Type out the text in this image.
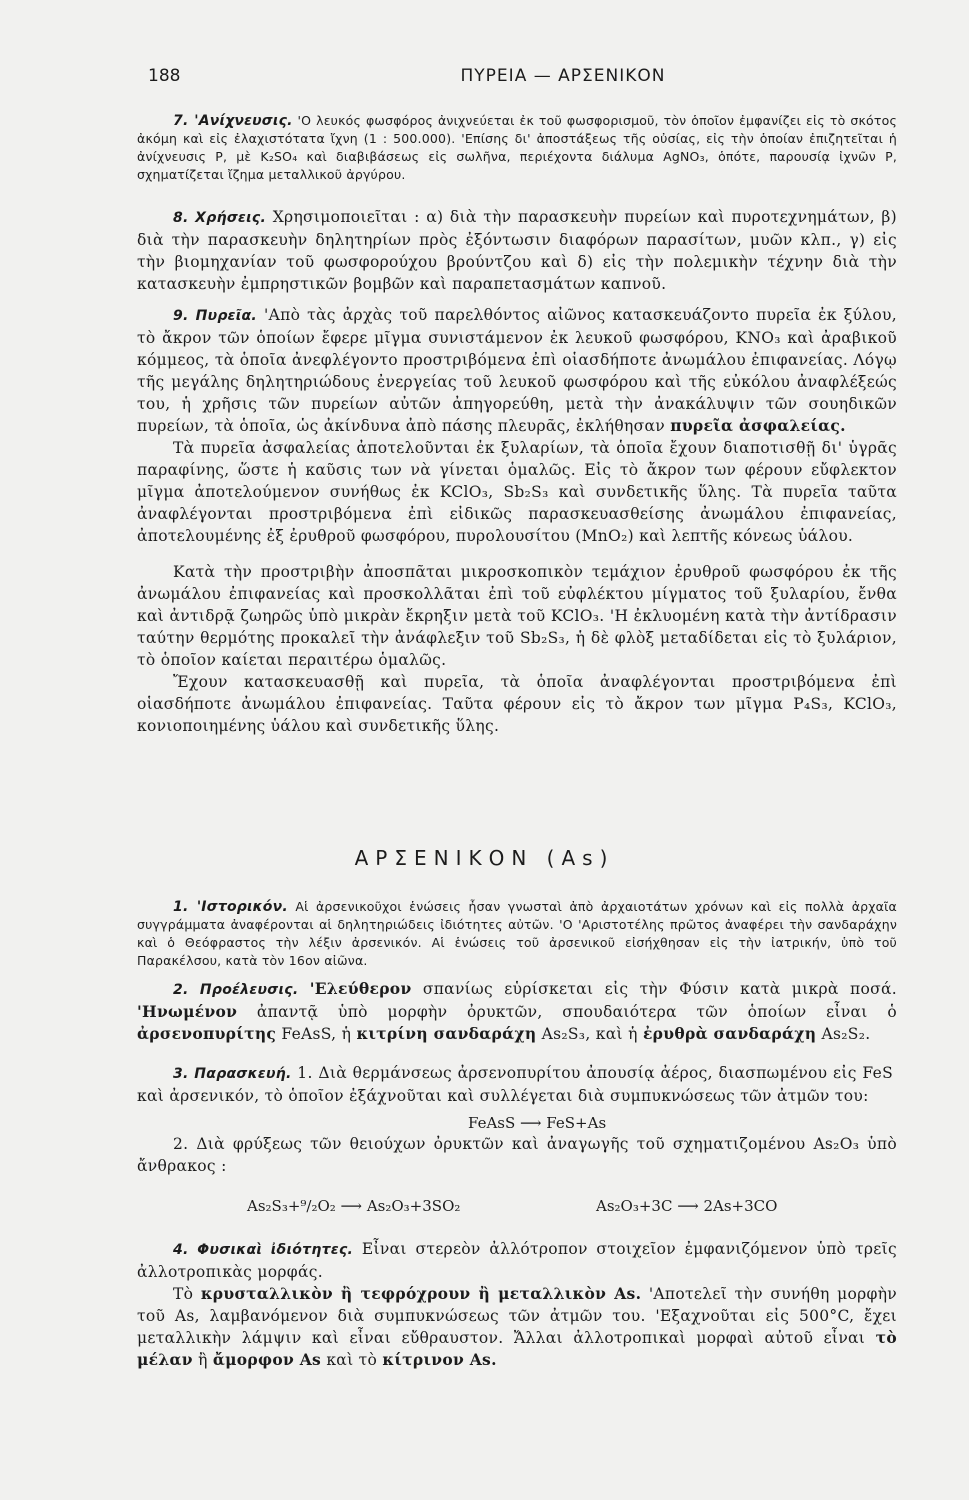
188	ΠΥΡΕΙΑ — ΑΡΣΕΝΙΚΟΝ

7. 'Ανίχνευσις. 'Ο λευκός φωσφόρος ἀνιχνεύεται ἐκ τοῦ φωσφορισμοῦ, τὸν ὁποῖον ἐμφανίζει εἰς τὸ σκότος ἀκόμη καὶ εἰς ἐλαχιστότατα ἴχνη (1 : 500.000). 'Επίσης δι' ἀποστάξεως τῆς οὐσίας, εἰς τὴν ὁποίαν ἐπιζητεῖται ἡ ἀνίχνευσις P, μὲ K₂SO₄ καὶ διαβιβάσεως εἰς σωλῆνα, περιέχοντα διάλυμα AgNO₃, ὁπότε, παρουσίᾳ ἰχνῶν P, σχηματίζεται ἴζημα μεταλλικοῦ ἀργύρου.

8. Χρήσεις. Χρησιμοποιεῖται : α) διὰ τὴν παρασκευὴν πυρείων καὶ πυροτεχνημάτων, β) διὰ τὴν παρασκευὴν δηλητηρίων πρὸς ἐξόντωσιν διαφόρων παρασίτων, μυῶν κλπ., γ) εἰς τὴν βιομηχανίαν τοῦ φωσφορούχου βρούντζου καὶ δ) εἰς τὴν πολεμικὴν τέχνην διὰ τὴν κατασκευὴν ἐμπρηστικῶν βομβῶν καὶ παραπετασμάτων καπνοῦ.

9. Πυρεῖα. 'Απὸ τὰς ἀρχὰς τοῦ παρελθόντος αἰῶνος κατασκευάζοντο πυρεῖα ἐκ ξύλου, τὸ ἄκρον τῶν ὁποίων ἔφερε μῖγμα συνιστάμενον ἐκ λευκοῦ φωσφόρου, KNO₃ καὶ ἀραβικοῦ κόμμεος, τὰ ὁποῖα ἀνεφλέγοντο προστριβόμενα ἐπὶ οἱασδήποτε ἀνωμάλου ἐπιφανείας. Λόγῳ τῆς μεγάλης δηλητηριώδους ἐνεργείας τοῦ λευκοῦ φωσφόρου καὶ τῆς εὐκόλου ἀναφλέξεώς του, ἡ χρῆσις τῶν πυρείων αὐτῶν ἀπηγορεύθη, μετὰ τὴν ἀνακάλυψιν τῶν σουηδικῶν πυρείων, τὰ ὁποῖα, ὡς ἀκίνδυνα ἀπὸ πάσης πλευρᾶς, ἐκλήθησαν πυρεῖα ἀσφαλείας.

Τὰ πυρεῖα ἀσφαλείας ἀποτελοῦνται ἐκ ξυλαρίων, τὰ ὁποῖα ἔχουν διαποτισθῇ δι' ὑγρᾶς παραφίνης, ὥστε ἡ καῦσις των νὰ γίνεται ὁμαλῶς. Εἰς τὸ ἄκρον των φέρουν εὔφλεκτον μῖγμα ἀποτελούμενον συνήθως ἐκ KClO₃, Sb₂S₃ καὶ συνδετικῆς ὕλης. Τὰ πυρεῖα ταῦτα ἀναφλέγονται προστριβόμενα ἐπὶ εἰδικῶς παρασκευασθείσης ἀνωμάλου ἐπιφανείας, ἀποτελουμένης ἐξ ἐρυθροῦ φωσφόρου, πυρολουσίτου (MnO₂) καὶ λεπτῆς κόνεως ὑάλου.

Κατὰ τὴν προστριβὴν ἀποσπᾶται μικροσκοπικὸν τεμάχιον ἐρυθροῦ φωσφόρου ἐκ τῆς ἀνωμάλου ἐπιφανείας καὶ προσκολλᾶται ἐπὶ τοῦ εὐφλέκτου μίγματος τοῦ ξυλαρίου, ἔνθα καὶ ἀντιδρᾷ ζωηρῶς ὑπὸ μικρὰν ἔκρηξιν μετὰ τοῦ KClO₃. 'Η ἐκλυομένη κατὰ τὴν ἀντίδρασιν ταύτην θερμότης προκαλεῖ τὴν ἀνάφλεξιν τοῦ Sb₂S₃, ἡ δὲ φλὸξ μεταδίδεται εἰς τὸ ξυλάριον, τὸ ὁποῖον καίεται περαιτέρω ὁμαλῶς.

Ἔχουν κατασκευασθῇ καὶ πυρεῖα, τὰ ὁποῖα ἀναφλέγονται προστριβόμενα ἐπὶ οἱασδήποτε ἀνωμάλου ἐπιφανείας. Ταῦτα φέρουν εἰς τὸ ἄκρον των μῖγμα P₄S₃, KClO₃, κονιοποιημένης ὑάλου καὶ συνδετικῆς ὕλης.

ΑΡΣΕΝΙΚΟΝ (As)

1. 'Ιστορικόν. Αἱ ἀρσενικοῦχοι ἑνώσεις ἦσαν γνωσταὶ ἀπὸ ἀρχαιοτάτων χρόνων καὶ εἰς πολλὰ ἀρχαῖα συγγράμματα ἀναφέρονται αἱ δηλητηριώδεις ἰδιότητες αὐτῶν. 'Ο 'Αριστοτέλης πρῶτος ἀναφέρει τὴν σανδαράχην καὶ ὁ Θεόφραστος τὴν λέξιν ἀρσενικόν. Αἱ ἑνώσεις τοῦ ἀρσενικοῦ εἰσήχθησαν εἰς τὴν ἰατρικήν, ὑπὸ τοῦ Παρακέλσου, κατὰ τὸν 16ον αἰῶνα.

2. Προέλευσις. 'Ελεύθερον σπανίως εὑρίσκεται εἰς τὴν Φύσιν κατὰ μικρὰ ποσά. 'Ηνωμένον ἀπαντᾷ ὑπὸ μορφὴν ὀρυκτῶν, σπουδαιότερα τῶν ὁποίων εἶναι ὁ ἀρσενοπυρίτης FeAsS, ἡ κιτρίνη σανδαράχη As₂S₃, καὶ ἡ ἐρυθρὰ σανδαράχη As₂S₂.

3. Παρασκευή. 1. Διὰ θερμάνσεως ἀρσενοπυρίτου ἀπουσίᾳ ἀέρος, διασπωμένου εἰς FeS καὶ ἀρσενικόν, τὸ ὁποῖον ἐξάχνοῦται καὶ συλλέγεται διὰ συμπυκνώσεως τῶν ἀτμῶν του:

2. Διὰ φρύξεως τῶν θειούχων ὀρυκτῶν καὶ ἀναγωγῆς τοῦ σχηματιζομένου As₂O₃ ὑπὸ ἄνθρακος :

FeAsS ⟶ FeS+As
As₂S₃+⁹/₂O₂ ⟶ As₂O₃+3SO₂	As₂O₃+3C ⟶ 2As+3CO

4. Φυσικαὶ ἰδιότητες. Εἶναι στερεὸν ἀλλότροπον στοιχεῖον ἐμφανιζόμενον ὑπὸ τρεῖς ἀλλοτροπικὰς μορφάς.

Τὸ κρυσταλλικὸν ἢ τεφρόχρουν ἢ μεταλλικὸν As. 'Αποτελεῖ τὴν συνήθη μορφὴν τοῦ As, λαμβανόμενον διὰ συμπυκνώσεως τῶν ἀτμῶν του. 'Εξαχνοῦται εἰς 500°C, ἔχει μεταλλικὴν λάμψιν καὶ εἶναι εὔθραυστον. Ἄλλαι ἀλλοτροπικαὶ μορφαὶ αὐτοῦ εἶναι τὸ μέλαν ἢ ἄμορφον As καὶ τὸ κίτρινον As.
